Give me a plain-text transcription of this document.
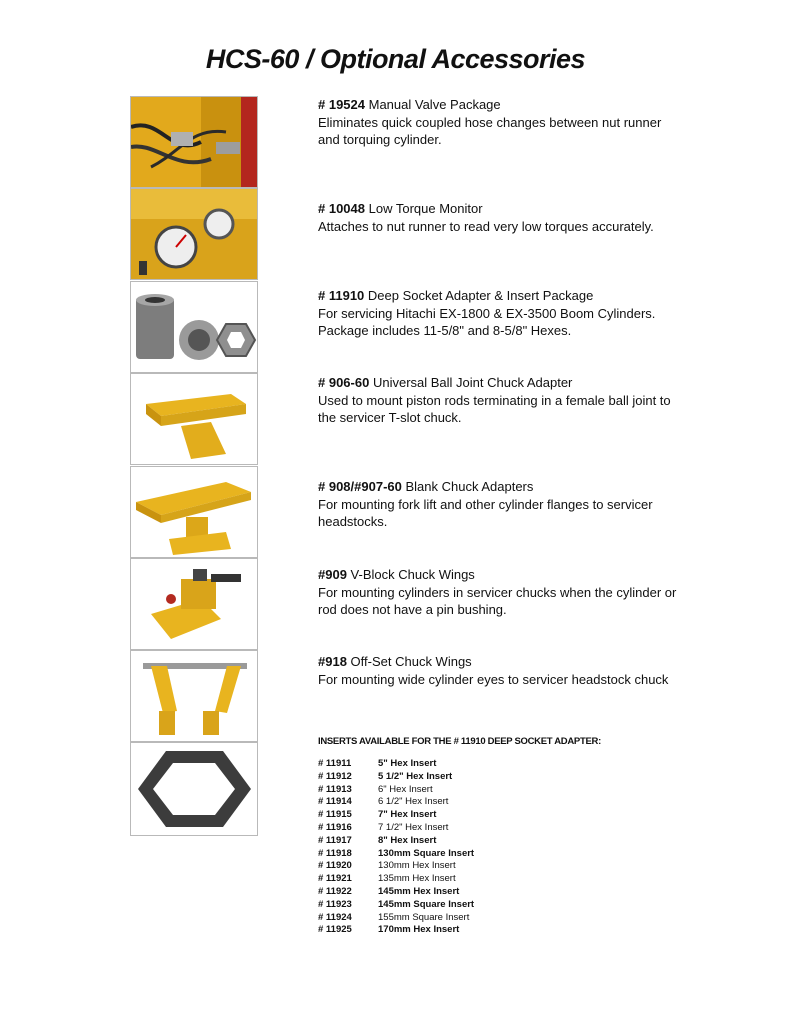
HCS-60 / Optional Accessories
# 19524 Manual Valve Package
Eliminates quick coupled hose changes between nut runner and torquing cylinder.
# 10048 Low Torque Monitor
Attaches to nut runner to read very low torques accurately.
# 11910 Deep Socket Adapter & Insert Package
For servicing Hitachi EX-1800 & EX-3500 Boom Cylinders. Package includes 11-5/8" and 8-5/8" Hexes.
# 906-60 Universal Ball Joint Chuck Adapter
Used to mount piston rods terminating in a female ball joint to the servicer T-slot chuck.
# 908/#907-60 Blank Chuck Adapters
For mounting fork lift and other cylinder flanges to servicer headstocks.
#909 V-Block Chuck Wings
For mounting cylinders in servicer chucks when the cylinder or rod does not have a pin bushing.
#918 Off-Set Chuck Wings
For mounting wide cylinder eyes to servicer headstock chuck
INSERTS AVAILABLE FOR THE # 11910 DEEP SOCKET ADAPTER:
# 11911	5" Hex Insert
# 11912	5 1/2" Hex Insert
# 11913	6" Hex Insert
# 11914	6 1/2" Hex Insert
# 11915	7" Hex Insert
# 11916	7 1/2" Hex Insert
# 11917	8" Hex Insert
# 11918	130mm Square Insert
# 11920	130mm Hex Insert
# 11921	135mm Hex Insert
# 11922	145mm Hex Insert
# 11923	145mm Square Insert
# 11924	155mm Square Insert
# 11925	170mm Hex Insert
